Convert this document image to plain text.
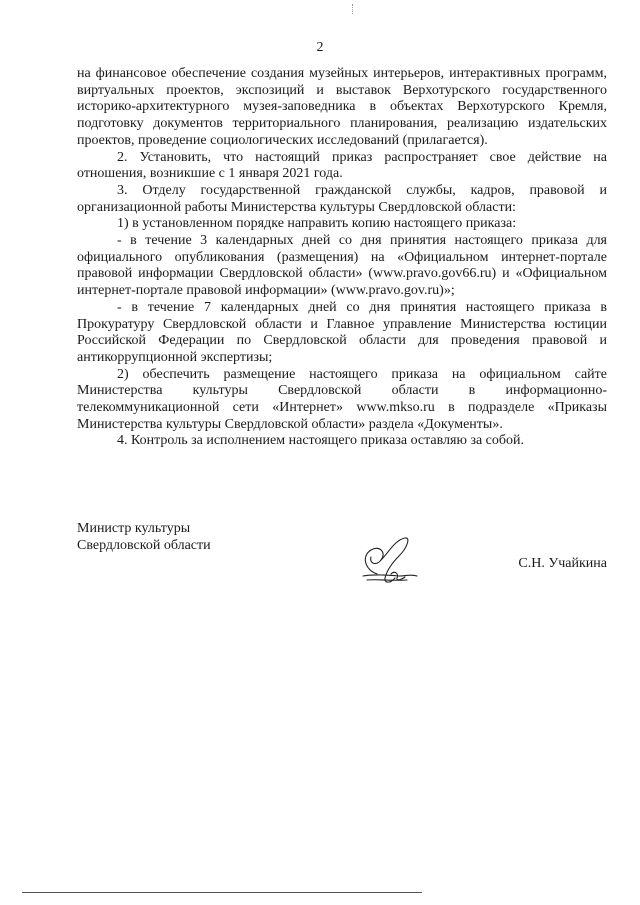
2

на финансовое обеспечение создания музейных интерьеров, интерактивных программ, виртуальных проектов, экспозиций и выставок Верхотурского государственного историко-архитектурного музея-заповедника в объектах Верхотурского Кремля, подготовку документов территориального планирования, реализацию издательских проектов, проведение социологических исследований (прилагается).

2. Установить, что настоящий приказ распространяет свое действие на отношения, возникшие с 1 января 2021 года.

3. Отделу государственной гражданской службы, кадров, правовой и организационной работы Министерства культуры Свердловской области:

1) в установленном порядке направить копию настоящего приказа:

- в течение 3 календарных дней со дня принятия настоящего приказа для официального опубликования (размещения) на «Официальном интернет-портале правовой информации Свердловской области» (www.pravo.gov66.ru) и «Официальном интернет-портале правовой информации» (www.pravo.gov.ru)»;

- в течение 7 календарных дней со дня принятия настоящего приказа в Прокуратуру Свердловской области и Главное управление Министерства юстиции Российской Федерации по Свердловской области для проведения правовой и антикоррупционной экспертизы;

2) обеспечить размещение настоящего приказа на официальном сайте Министерства культуры Свердловской области в информационно-телекоммуникационной сети «Интернет» www.mkso.ru в подразделе «Приказы Министерства культуры Свердловской области» раздела «Документы».

4. Контроль за исполнением настоящего приказа оставляю за собой.

Министр культуры
Свердловской области
С.Н. Учайкина
